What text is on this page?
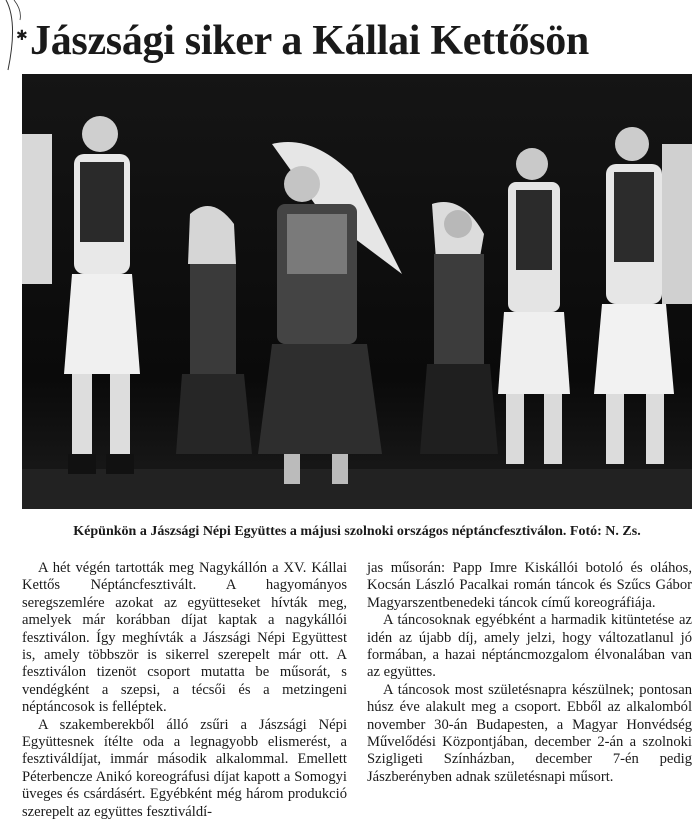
✱ Jászsági siker a Kállai Kettősön

Képünkön a Jászsági Népi Együttes a májusi szolnoki országos néptáncfesztiválon. Fotó: N. Zs.

A hét végén tartották meg Nagykállón a XV. Kállai Kettős Néptáncfesztivált. A hagyományos seregszemlére azokat az együtteseket hívták meg, amelyek már korábban díjat kaptak a nagykállói fesztiválon. Így meghívták a Jászsági Népi Együttest is, amely többször is sikerrel szerepelt már ott. A fesztiválon tizenöt csoport mutatta be műsorát, s vendégként a szepsi, a técsői és a metzingeni néptáncosok is felléptek.

A szakemberekből álló zsűri a Jászsági Népi Együttesnek ítélte oda a legnagyobb elismerést, a fesztiváldíjat, immár második alkalommal. Emellett Péterbencze Anikó koreográfusi díjat kapott a Somogyi üveges és csárdásért. Egyébként még három produkció szerepelt az együttes fesztiváldí-

jas műsorán: Papp Imre Kiskállói botoló és oláhos, Kocsán László Pacalkai román táncok és Szűcs Gábor Magyarszentbenedeki táncok című koreográfiája.

A táncosoknak egyébként a harmadik kitüntetése az idén az újabb díj, amely jelzi, hogy változatlanul jó formában, a hazai néptáncmozgalom élvonalában van az együttes.

A táncosok most születésnapra készülnek; pontosan húsz éve alakult meg a csoport. Ebből az alkalomból november 30-án Budapesten, a Magyar Honvédség Művelődési Központjában, december 2-án a szolnoki Szigligeti Színházban, december 7-én pedig Jászberényben adnak születésnapi műsort.
